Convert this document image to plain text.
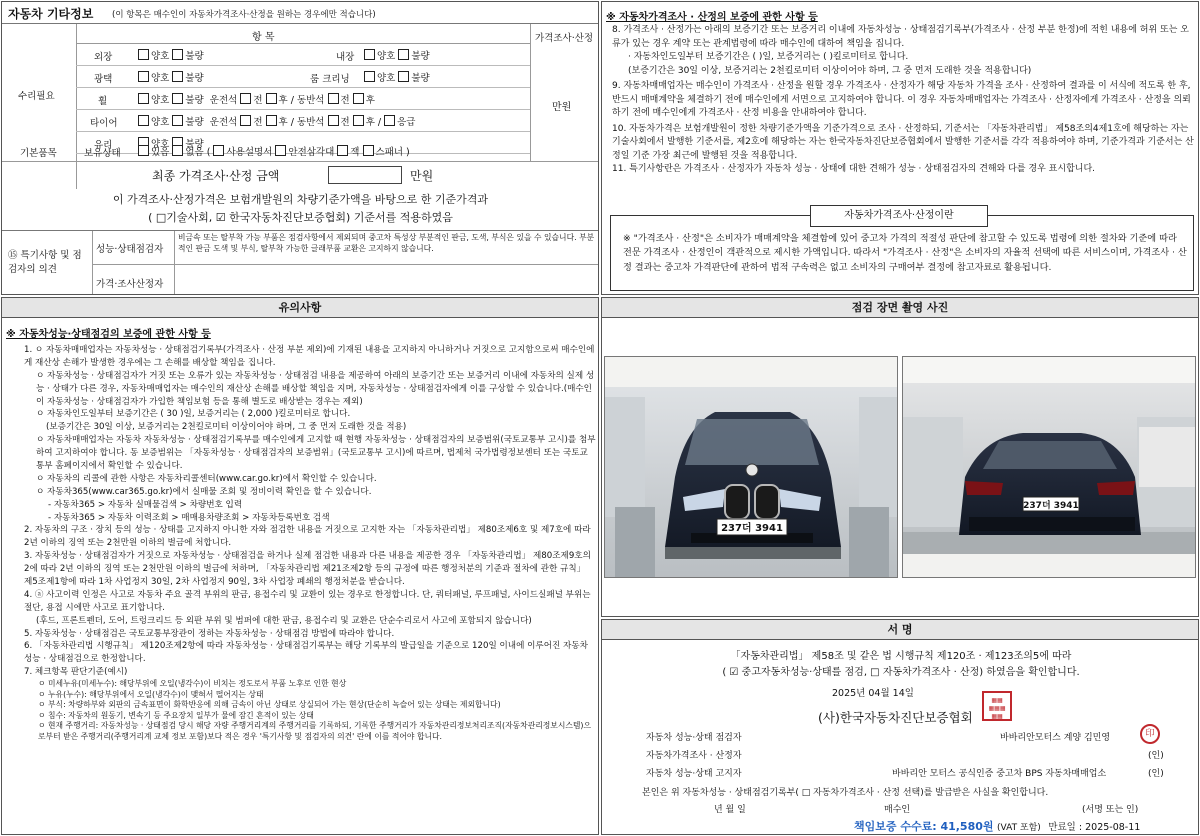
자동차 기타정보 (이 항목은 매수인이 자동차가격조사·산정을 원하는 경우에만 적습니다)
항 목	가격조사·산정
수리필요
만원
외장	양호 불량	내장	양호 불량
광택	양호 불량	룸 크리닝	양호 불량
휠	양호 불량  운전석 전 후 / 동반석 전 후
타이어	양호 불량  운전석 전 후 / 동반석 전 후 / 응급
유리	양호 불량
기본품목	보유상태	있음 없음 ( 사용설명서 안전삼각대 잭 스패너 )
최종 가격조사·산정 금액	만원
이 가격조사·산정가격은 보험개발원의 차량기준가액을 바탕으로 한 기준가격과
( □기술사회, ☑ 한국자동차진단보증협회) 기준서를 적용하였음
⑮ 특기사항 및 점검자의 의견
성능·상태점검자
비금속 또는 탈부착 가능 부품은 점검사항에서 제외되며 중고차 특성상 부분적인 판금, 도색, 부식은 있을 수 있습니다. 부분적인 판금 도색 및 부식, 탈부착 가능한 글래부품 교환은 고지하지 않습니다.
가격·조사산정자
※ 자동차가격조사 · 산정의 보증에 관한 사항 등
8. 가격조사 · 산정가는 아래의 보증기간 또는 보증거리 이내에 자동차성능 · 상태점검기록부(가격조사 · 산정 부분 한정)에 적힌 내용에 허위 또는 오류가 있는 경우 계약 또는 관계법령에 따라 매수인에 대하여 책임을 집니다.
· 자동차인도일부터 보증기간은 ( )일, 보증거리는 ( )킬로미터로 합니다.
(보증기간은 30일 이상, 보증거리는 2천킬로미터 이상이어야 하며, 그 중 먼저 도래한 것을 적용합니다)
9. 자동차매매업자는 매수인이 가격조사 · 산정을 원할 경우 가격조사 · 산정자가 해당 자동차 가격을 조사 · 산정하여 결과를 이 서식에 적도록 한 후, 반드시 매매계약을 체결하기 전에 매수인에게 서면으로 고지하여야 합니다. 이 경우 자동차매매업자는 가격조사 · 산정자에게 가격조사 · 산정을 의뢰하기 전에 매수인에게 가격조사 · 산정 비용을 안내하여야 합니다.
10. 자동차가격은 보험개발원이 정한 차량기준가액을 기준가격으로 조사 · 산정하되, 기준서는 「자동차관리법」 제58조의4제1호에 해당하는 자는 기술사회에서 발행한 기준서를, 제2호에 해당하는 자는 한국자동차진단보증협회에서 발행한 기준서를 각각 적용하여야 하며, 기준가격과 기준서는 산정일 기준 가장 최근에 발행된 것을 적용합니다.
11. 특기사항란은 가격조사 · 산정자가 자동차 성능 · 상태에 대한 견해가 성능 · 상태점검자의 견해와 다를 경우 표시합니다.
자동차가격조사·산정이란
※ "가격조사 · 산정"은 소비자가 매매계약을 체결함에 있어 중고차 가격의 적절성 판단에 참고할 수 있도록 법령에 의한 절차와 기준에 따라 전문 가격조사 · 산정인이 객관적으로 제시한 가액입니다. 따라서 "가격조사 · 산정"은 소비자의 자율적 선택에 따른 서비스이며, 가격조사 · 산정 결과는 중고차 가격판단에 관하여 법적 구속력은 없고 소비자의 구매여부 결정에 참고자료로 활용됩니다.
유의사항
※ 자동차성능·상태점검의 보증에 관한 사항 등
1. ㅇ 자동차매매업자는 자동차성능 · 상태점검기록부(가격조사 · 산정 부분 제외)에 기재된 내용을 고지하지 아니하거나 거짓으로 고지함으로써 매수인에게 재산상 손해가 발생한 경우에는 그 손해를 배상할 책임을 집니다.
ㅇ 자동차성능 · 상태점검자가 거짓 또는 오류가 있는 자동차성능 · 상태점검 내용을 제공하여 아래의 보증기간 또는 보증거리 이내에 자동차의 실제 성능 · 상태가 다른 경우, 자동차매매업자는 매수인의 재산상 손해를 배상할 책임을 지며, 자동차성능 · 상태점검자에게 이를 구상할 수 있습니다.(매수인이 자동차성능 · 상태점검자가 가입한 책임보험 등을 통해 별도로 배상받는 경우는 제외)
ㅇ 자동차인도일부터 보증기간은 ( 30 )일, 보증거리는 ( 2,000 )킬로미터로 합니다.
(보증기간은 30일 이상, 보증거리는 2천킬로미터 이상이어야 하며, 그 중 먼저 도래한 것을 적용)
ㅇ 자동차매매업자는 자동차 자동차성능 · 상태점검기록부를 매수인에게 고지할 때 현행 자동차성능 · 상태점검자의 보증범위(국토교통부 고시)를 첨부하여 고지하여야 합니다. 동 보증범위는 「자동차성능 · 상태점검자의 보증범위」(국토교통부 고시)에 따르며, 법제처 국가법령정보센터 또는 국토교통부 홈페이지에서 확인할 수 있습니다.
ㅇ 자동차의 리콜에 관한 사항은 자동차리콜센터(www.car.go.kr)에서 확인할 수 있습니다.
ㅇ 자동차365(www.car365.go.kr)에서 실매물 조회 및 정비이력 확인을 할 수 있습니다.
- 자동차365 > 자동차 실매물검색 > 차량번호 입력
- 자동차365 > 자동차 이력조회 > 매매용차량조회 > 자동차등록번호 검색
2. 자동차의 구조 · 장치 등의 성능 · 상태를 고지하지 아니한 자와 점검한 내용을 거짓으로 고지한 자는 「자동차관리법」 제80조제6호 및 제7호에 따라 2년 이하의 징역 또는 2천만원 이하의 벌금에 처합니다.
3. 자동차성능 · 상태점검자가 거짓으로 자동차성능 · 상태점검을 하거나 실제 점검한 내용과 다른 내용을 제공한 경우 「자동차관리법」 제80조제9호의2에 따라 2년 이하의 징역 또는 2천만원 이하의 벌금에 처하며, 「자동차관리법 제21조제2항 등의 규정에 따른 행정처분의 기준과 절차에 관한 규칙」 제5조제1항에 따라 1차 사업정지 30일, 2차 사업정지 90일, 3차 사업장 폐쇄의 행정처분을 받습니다.
4. ⓐ 사고이력 인정은 사고로 자동차 주요 골격 부위의 판금, 용접수리 및 교환이 있는 경우로 한정합니다. 단, 쿼터패널, 루프패널, 사이드실패널 부위는 절단, 용접 시에만 사고로 표기합니다.
(후드, 프론트펜더, 도어, 트렁크리드 등 외판 부위 및 범퍼에 대한 판금, 용접수리 및 교환은 단순수리로서 사고에 포함되지 않습니다)
5. 자동차성능 · 상태점검은 국토교통부장관이 정하는 자동차성능 · 상태점검 방법에 따라야 합니다.
6. 「자동차관리법 시행규칙」 제120조제2항에 따라 자동차성능 · 상태점검기록부는 해당 기록부의 발급일을 기준으로 120일 이내에 이루어진 자동차 성능 · 상태점검으로 한정합니다.
7. 체크항목 판단기준(예시)
ㅇ 미세누유(미세누수): 해당부위에 오일(냉각수)이 비치는 정도로서 부품 노후로 인한 현상
ㅇ 누유(누수): 해당부위에서 오일(냉각수)이 맺혀서 떨어지는 상태
ㅇ 부식: 차량하부와 외판의 금속표면이 화학반응에 의해 금속이 아닌 상태로 상실되어 가는 현상(단순히 녹슬어 있는 상태는 제외합니다)
ㅇ 침수: 자동차의 원동기, 변속기 등 주요장치 일부가 물에 잠긴 흔적이 있는 상태
ㅇ 현재 주행거리: 자동차성능 · 상태점검 당시 해당 자량 주행거리계의 주행거리를 기록하되, 기록한 주행거리가 자동차관리정보처리조직(자동차관리정보시스템)으로부터 받은 주행거리(주행거리계 교체 정보 포함)보다 적은 경우 '특기사항 및 점검자의 의견' 란에 이를 적어야 합니다.
점검 장면 촬영 사진
237더 3941
237더 3941
서 명
「자동차관리법」 제58조 및 같은 법 시행규칙 제120조 · 제123조의5에 따라
( ☑ 중고자동차성능·상태를 점검, □ 자동차가격조사 · 산정) 하였음을 확인합니다.
2025년 04월 14일
▦▦
▦▦▦
▦▦
(사)한국자동차진단보증협회
印
자동차 성능·상태 점검자	바바리안모터스 계양 김민영
자동차가격조사 · 산정자	(인)
자동차 성능·상태 고지자	바바리안 모터스 공식인증 중고차 BPS 자동차매매업소	(인)
본인은 위 자동차성능 · 상태점검기록부( □ 자동차가격조사 · 산정 선택)를 발급받은 사실을 확인합니다.
년 월 일	매수인	(서명 또는 인)
책임보증 수수료: 41,580원 (VAT 포함) 만료일 : 2025-08-11
